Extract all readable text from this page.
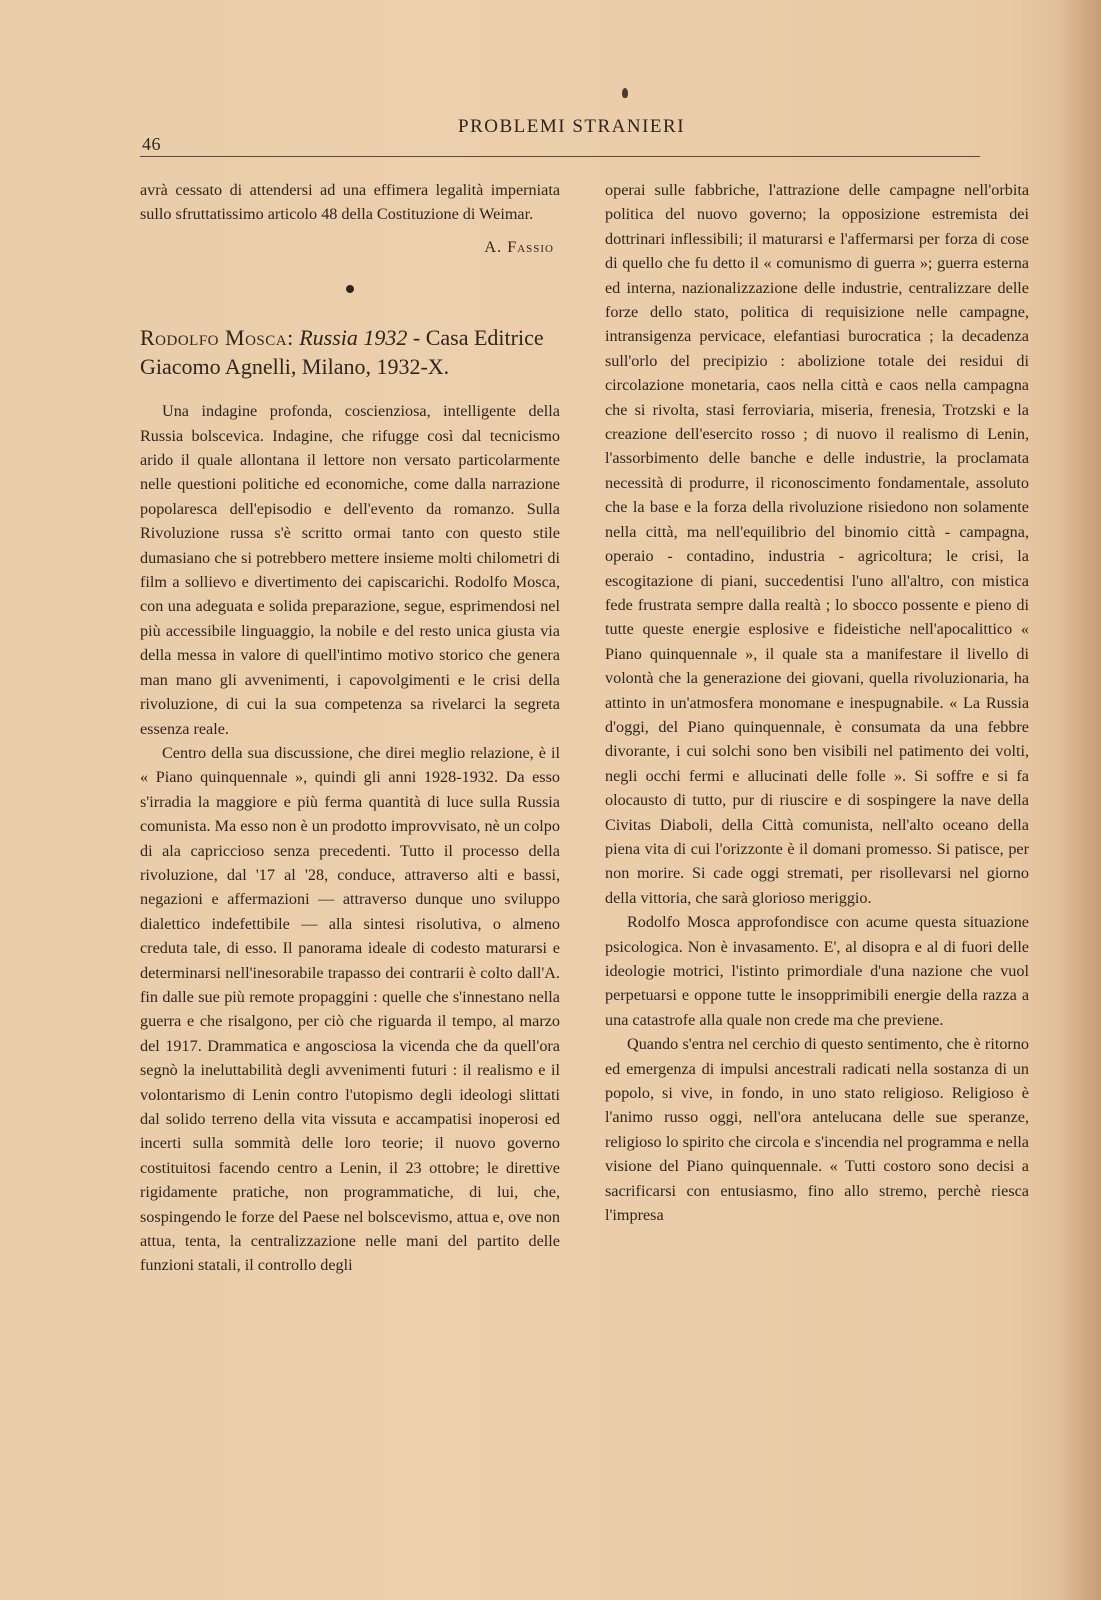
46
PROBLEMI STRANIERI

avrà cessato di attendersi ad una effimera legalità imperniata sullo sfruttatissimo articolo 48 della Costituzione di Weimar.

A. Fassio
Rodolfo Mosca: Russia 1932 - Casa Editrice Giacomo Agnelli, Milano, 1932-X.

Una indagine profonda, coscienziosa, intelligente della Russia bolscevica. Indagine, che rifugge così dal tecnicismo arido il quale allontana il lettore non versato particolarmente nelle questioni politiche ed economiche, come dalla narrazione popolaresca dell'episodio e dell'evento da romanzo. Sulla Rivoluzione russa s'è scritto ormai tanto con questo stile dumasiano che si potrebbero mettere insieme molti chilometri di film a sollievo e divertimento dei capiscarichi. Rodolfo Mosca, con una adeguata e solida preparazione, segue, esprimendosi nel più accessibile linguaggio, la nobile e del resto unica giusta via della messa in valore di quell'intimo motivo storico che genera man mano gli avvenimenti, i capovolgimenti e le crisi della rivoluzione, di cui la sua competenza sa rivelarci la segreta essenza reale.

Centro della sua discussione, che direi meglio relazione, è il « Piano quinquennale », quindi gli anni 1928-1932. Da esso s'irradia la maggiore e più ferma quantità di luce sulla Russia comunista. Ma esso non è un prodotto improvvisato, nè un colpo di ala capriccioso senza precedenti. Tutto il processo della rivoluzione, dal '17 al '28, conduce, attraverso alti e bassi, negazioni e affermazioni — attraverso dunque uno sviluppo dialettico indefettibile — alla sintesi risolutiva, o almeno creduta tale, di esso. Il panorama ideale di codesto maturarsi e determinarsi nell'inesorabile trapasso dei contrarii è colto dall'A. fin dalle sue più remote propaggini : quelle che s'innestano nella guerra e che risalgono, per ciò che riguarda il tempo, al marzo del 1917. Drammatica e angosciosa la vicenda che da quell'ora segnò la ineluttabilità degli avvenimenti futuri : il realismo e il volontarismo di Lenin contro l'utopismo degli ideologi slittati dal solido terreno della vita vissuta e accampatisi inoperosi ed incerti sulla sommità delle loro teorie; il nuovo governo costituitosi facendo centro a Lenin, il 23 ottobre; le direttive rigidamente pratiche, non programmatiche, di lui, che, sospingendo le forze del Paese nel bolscevismo, attua e, ove non attua, tenta, la centralizzazione nelle mani del partito delle funzioni statali, il controllo degli

operai sulle fabbriche, l'attrazione delle campagne nell'orbita politica del nuovo governo; la opposizione estremista dei dottrinari inflessibili; il maturarsi e l'affermarsi per forza di cose di quello che fu detto il « comunismo di guerra »; guerra esterna ed interna, nazionalizzazione delle industrie, centralizzare delle forze dello stato, politica di requisizione nelle campagne, intransigenza pervicace, elefantiasi burocratica ; la decadenza sull'orlo del precipizio : abolizione totale dei residui di circolazione monetaria, caos nella città e caos nella campagna che si rivolta, stasi ferroviaria, miseria, frenesia, Trotzski e la creazione dell'esercito rosso ; di nuovo il realismo di Lenin, l'assorbimento delle banche e delle industrie, la proclamata necessità di produrre, il riconoscimento fondamentale, assoluto che la base e la forza della rivoluzione risiedono non solamente nella città, ma nell'equilibrio del binomio città - campagna, operaio - contadino, industria - agricoltura; le crisi, la escogitazione di piani, succedentisi l'uno all'altro, con mistica fede frustrata sempre dalla realtà ; lo sbocco possente e pieno di tutte queste energie esplosive e fideistiche nell'apocalittico « Piano quinquennale », il quale sta a manifestare il livello di volontà che la generazione dei giovani, quella rivoluzionaria, ha attinto in un'atmosfera monomane e inespugnabile. « La Russia d'oggi, del Piano quinquennale, è consumata da una febbre divorante, i cui solchi sono ben visibili nel patimento dei volti, negli occhi fermi e allucinati delle folle ». Si soffre e si fa olocausto di tutto, pur di riuscire e di sospingere la nave della Civitas Diaboli, della Città comunista, nell'alto oceano della piena vita di cui l'orizzonte è il domani promesso. Si patisce, per non morire. Si cade oggi stremati, per risollevarsi nel giorno della vittoria, che sarà glorioso meriggio.

Rodolfo Mosca approfondisce con acume questa situazione psicologica. Non è invasamento. E', al disopra e al di fuori delle ideologie motrici, l'istinto primordiale d'una nazione che vuol perpetuarsi e oppone tutte le insopprimibili energie della razza a una catastrofe alla quale non crede ma che previene.

Quando s'entra nel cerchio di questo sentimento, che è ritorno ed emergenza di impulsi ancestrali radicati nella sostanza di un popolo, si vive, in fondo, in uno stato religioso. Religioso è l'animo russo oggi, nell'ora antelucana delle sue speranze, religioso lo spirito che circola e s'incendia nel programma e nella visione del Piano quinquennale. « Tutti costoro sono decisi a sacrificarsi con entusiasmo, fino allo stremo, perchè riesca l'impresa
